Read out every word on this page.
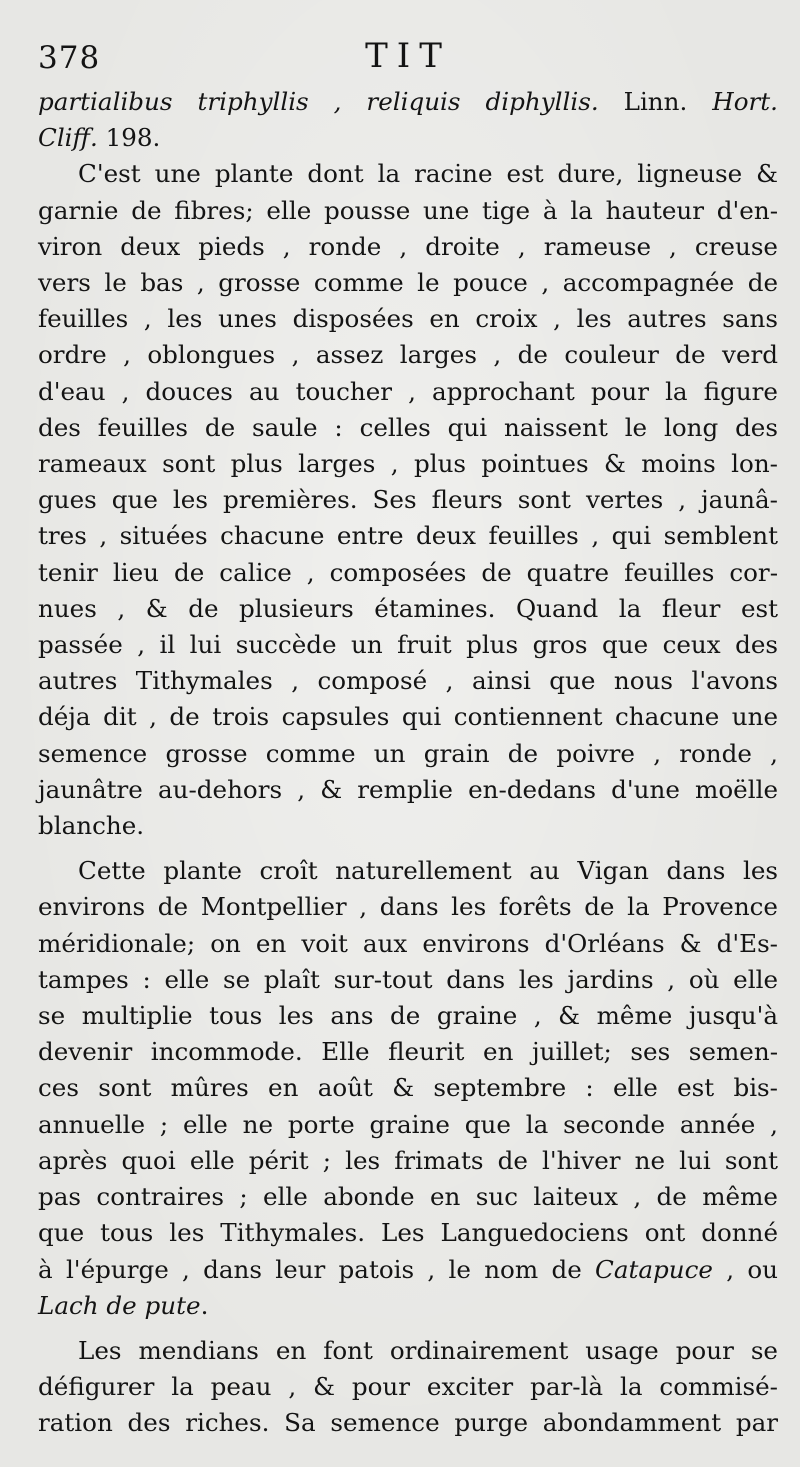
378	TIT
partialibus triphyllis , reliquis diphyllis. Linn. Hort.
Cliff. 198.
C'est une plante dont la racine est dure, ligneuse &
garnie de fibres; elle pousse une tige à la hauteur d'en-
viron deux pieds , ronde , droite , rameuse , creuse
vers le bas , grosse comme le pouce , accompagnée de
feuilles , les unes disposées en croix , les autres sans
ordre , oblongues , assez larges , de couleur de verd
d'eau , douces au toucher , approchant pour la figure
des feuilles de saule : celles qui naissent le long des
rameaux sont plus larges , plus pointues & moins lon-
gues que les premières. Ses fleurs sont vertes , jaunâ-
tres , situées chacune entre deux feuilles , qui semblent
tenir lieu de calice , composées de quatre feuilles cor-
nues , & de plusieurs étamines. Quand la fleur est
passée , il lui succède un fruit plus gros que ceux des
autres Tithymales , composé , ainsi que nous l'avons
déja dit , de trois capsules qui contiennent chacune une
semence grosse comme un grain de poivre , ronde ,
jaunâtre au-dehors , & remplie en-dedans d'une moëlle
blanche.
Cette plante croît naturellement au Vigan dans les
environs de Montpellier , dans les forêts de la Provence
méridionale; on en voit aux environs d'Orléans & d'Es-
tampes : elle se plaît sur-tout dans les jardins , où elle
se multiplie tous les ans de graine , & même jusqu'à
devenir incommode. Elle fleurit en juillet; ses semen-
ces sont mûres en août & septembre : elle est bis-
annuelle ; elle ne porte graine que la seconde année ,
après quoi elle périt ; les frimats de l'hiver ne lui sont
pas contraires ; elle abonde en suc laiteux , de même
que tous les Tithymales. Les Languedociens ont donné
à l'épurge , dans leur patois , le nom de Catapuce , ou
Lach de pute.
Les mendians en font ordinairement usage pour se
défigurer la peau , & pour exciter par-là la commisé-
ration des riches. Sa semence purge abondamment par
